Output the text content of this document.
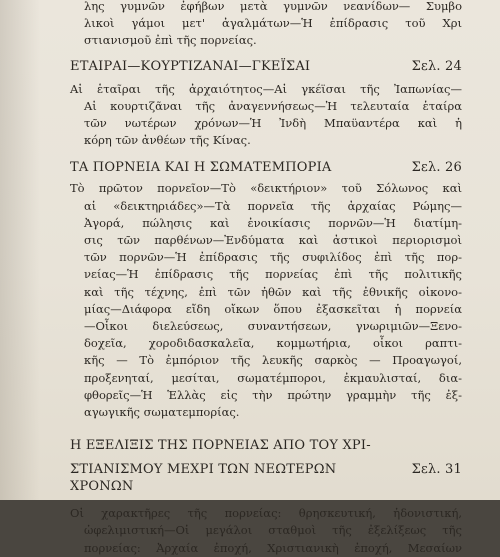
λης γυμνῶν ἐφήβων μετὰ γυμνῶν νεανίδων— Συμβο
λικοὶ γάμοι μετ' ἀγαλμάτων—Ἡ ἐπίδρασις τοῦ Χρι
στιανισμοῦ ἐπὶ τῆς πορνείας.
ΕΤΑΙΡΑΙ—ΚΟΥΡΤΙΖΑΝΑΙ—ΓΚΕΪΣΑΙ	Σελ. 24
Αἱ ἑταῖραι τῆς ἀρχαιότητος—Αἱ γκέϊσαι τῆς Ἰαπωνίας—
Αἱ κουρτιζᾶναι τῆς ἀναγεννήσεως—Ἡ τελευταία ἑταίρα
τῶν νωτέρων χρόνων—Ἡ Ἰνδὴ Μπαϋαντέρα καὶ ἡ
κόρη τῶν ἀνθέων τῆς Κίνας.
ΤΑ ΠΟΡΝΕΙΑ ΚΑΙ Η ΣΩΜΑΤΕΜΠΟΡΙΑ	Σελ. 26
Τὸ πρῶτον πορνεῖον—Τὸ «δεικτήριον» τοῦ Σόλωνος καὶ
αἱ «δεικτηριάδες»—Τὰ πορνεῖα τῆς ἀρχαίας Ρώμης—
Ἀγορά, πώλησις καὶ ἐνοικίασις πορνῶν—Ἡ διατίμη-
σις τῶν παρθένων—Ἐνδύματα καὶ ἀστικοὶ περιορισμοὶ
τῶν πορνῶν—Ἡ ἐπίδρασις τῆς συφιλίδος ἐπὶ τῆς πορ-
νείας—Ἡ ἐπίδρασις τῆς πορνείας ἐπὶ τῆς πολιτικῆς
καὶ τῆς τέχνης, ἐπὶ τῶν ἠθῶν καὶ τῆς ἐθνικῆς οἰκονο-
μίας—Διάφορα εἴδη οἴκων ὅπου ἐξασκεῖται ἡ πορνεία
—Οἶκοι διελεύσεως, συναντήσεων, γνωριμιῶν—Ξενο-
δοχεῖα, χοροδιδασκαλεῖα, κομμωτήρια, οἶκοι ραπτι-
κῆς — Τὸ ἐμπόριον τῆς λευκῆς σαρκὸς — Προαγωγοί,
προξενηταί, μεσίται, σωματέμποροι, ἐκμαυλισταί, δια-
φθορεῖς—Ἡ Ἑλλὰς εἰς τὴν πρώτην γραμμὴν τῆς ἐξ-
αγωγικῆς σωματεμπορίας.
Η ΕΞΕΛΙΞΙΣ ΤΗΣ ΠΟΡΝΕΙΑΣ ΑΠΟ ΤΟΥ ΧΡΙ-
ΣΤΙΑΝΙΣΜΟΥ ΜΕΧΡΙ ΤΩΝ ΝΕΩΤΕΡΩΝ ΧΡΟΝΩΝ
Σελ. 31
Οἱ χαρακτῆρες τῆς πορνείας: θρησκευτική, ἡδονιστική,
ὠφελιμιστική—Οἱ μεγάλοι σταθμοὶ τῆς ἐξελίξεως τῆς
πορνείας: Ἀρχαία ἐποχή, Χριστιανικὴ ἐποχή, Μεσαίων
